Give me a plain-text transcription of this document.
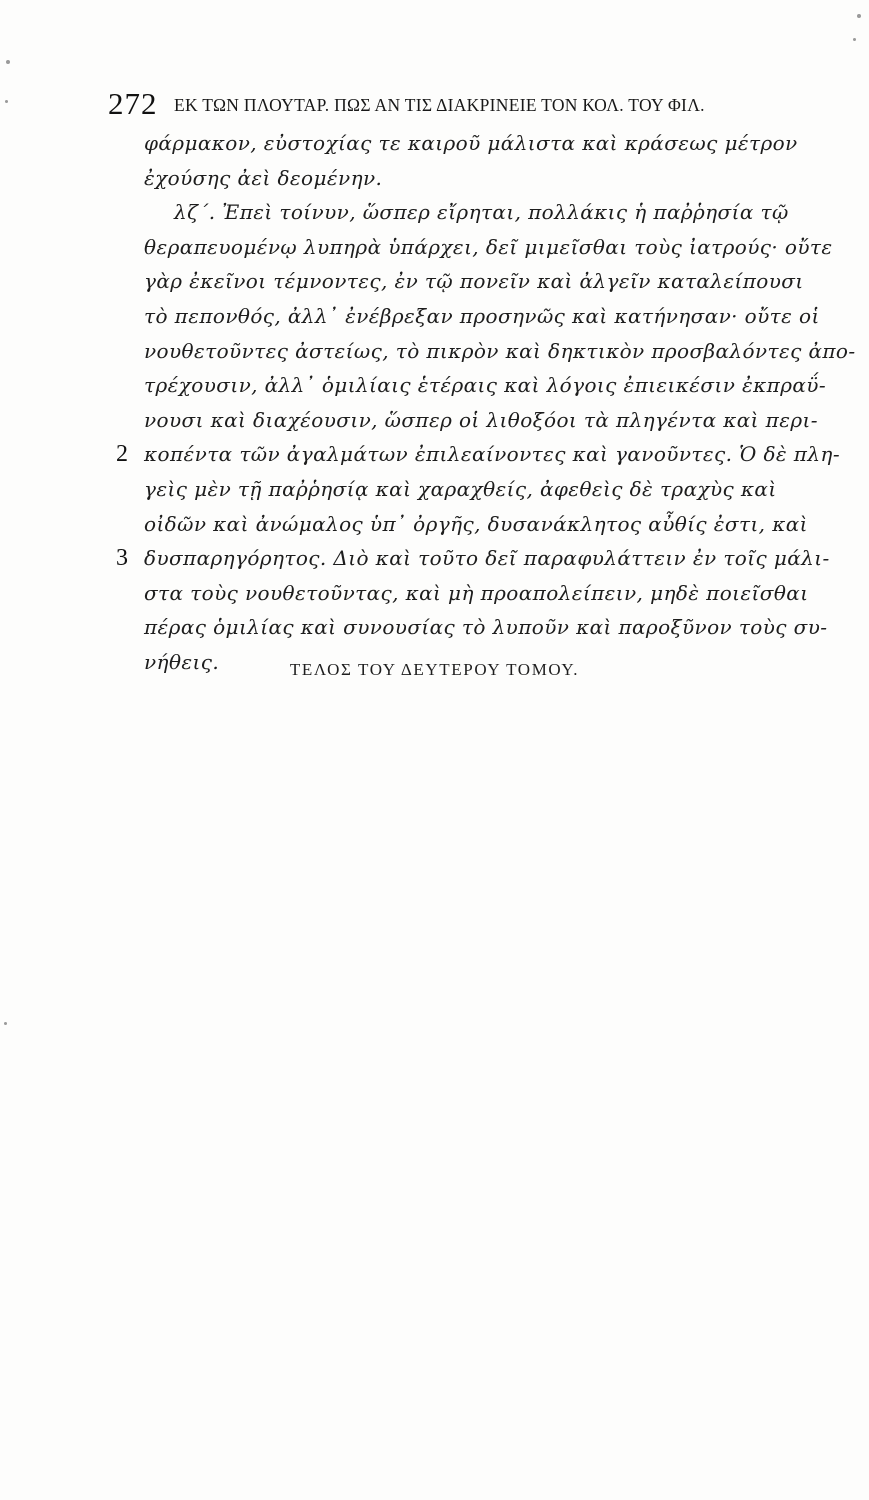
272 ΕΚ ΤΩΝ ΠΛΟΥΤΑΡ. ΠΩΣ ΑΝ ΤΙΣ ΔΙΑΚΡΙΝΕΙΕ ΤΟΝ ΚΟΛ. ΤΟΥ ΦΙΛ.
φάρμακον, εὐστοχίας τε καιροῦ μάλιστα καὶ κράσεως μέτρον
ἐχούσης ἀεὶ δεομένην.
λζ΄. Ἐπεὶ τοίνυν, ὥσπερ εἴρηται, πολλάκις ἡ παῤῥησία τῷ
θεραπευομένῳ λυπηρὰ ὑπάρχει, δεῖ μιμεῖσθαι τοὺς ἰατρούς· οὔτε
γὰρ ἐκεῖνοι τέμνοντες, ἐν τῷ πονεῖν καὶ ἀλγεῖν καταλείπουσι
τὸ πεπονθός, ἀλλ᾽ ἐνέβρεξαν προσηνῶς καὶ κατήνησαν· οὔτε οἱ
νουθετοῦντες ἀστείως, τὸ πικρὸν καὶ δηκτικὸν προσβαλόντες ἀπο-
τρέχουσιν, ἀλλ᾽ ὁμιλίαις ἑτέραις καὶ λόγοις ἐπιεικέσιν ἐκπραΰ-
νουσι καὶ διαχέουσιν, ὥσπερ οἱ λιθοξόοι τὰ πληγέντα καὶ περι-
2 κοπέντα τῶν ἀγαλμάτων ἐπιλεαίνοντες καὶ γανοῦντες. Ὁ δὲ πλη-
γεὶς μὲν τῇ παῤῥησίᾳ καὶ χαραχθείς, ἀφεθεὶς δὲ τραχὺς καὶ
οἰδῶν καὶ ἀνώμαλος ὑπ᾽ ὀργῆς, δυσανάκλητος αὖθίς ἐστι, καὶ
3 δυσπαρηγόρητος. Διὸ καὶ τοῦτο δεῖ παραφυλάττειν ἐν τοῖς μάλι-
στα τοὺς νουθετοῦντας, καὶ μὴ προαπολείπειν, μηδὲ ποιεῖσθαι
πέρας ὁμιλίας καὶ συνουσίας τὸ λυποῦν καὶ παροξῦνον τοὺς συ-
νήθεις.	ΤΕΛΟΣ ΤΟΥ ΔΕΥΤΕΡΟΥ ΤΟΜΟΥ.
